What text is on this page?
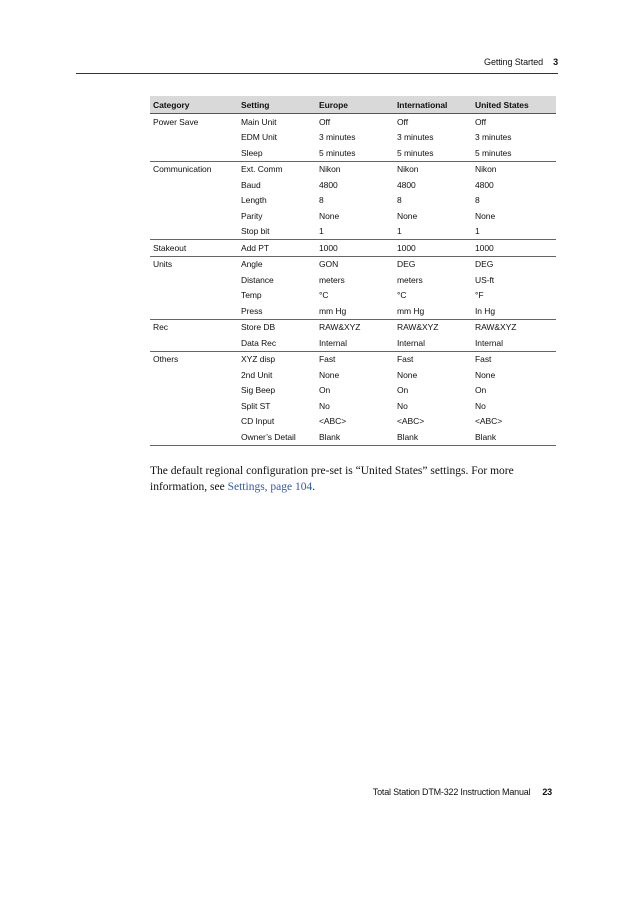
Getting Started 3
Category	Setting	Europe	International	United States
Power Save	Main Unit	Off	Off	Off
	EDM Unit	3 minutes	3 minutes	3 minutes
	Sleep	5 minutes	5 minutes	5 minutes
Communication	Ext. Comm	Nikon	Nikon	Nikon
	Baud	4800	4800	4800
	Length	8	8	8
	Parity	None	None	None
	Stop bit	1	1	1
Stakeout	Add PT	1000	1000	1000
Units	Angle	GON	DEG	DEG
	Distance	meters	meters	US-ft
	Temp	°C	°C	°F
	Press	mm Hg	mm Hg	In Hg
Rec	Store DB	RAW&XYZ	RAW&XYZ	RAW&XYZ
	Data Rec	Internal	Internal	Internal
Others	XYZ disp	Fast	Fast	Fast
	2nd Unit	None	None	None
	Sig Beep	On	On	On
	Split ST	No	No	No
	CD Input	<ABC>	<ABC>	<ABC>
	Owner’s Detail	Blank	Blank	Blank

The default regional configuration pre-set is “United States” settings. For more information, see Settings, page 104.

Total Station DTM-322 Instruction Manual 23
